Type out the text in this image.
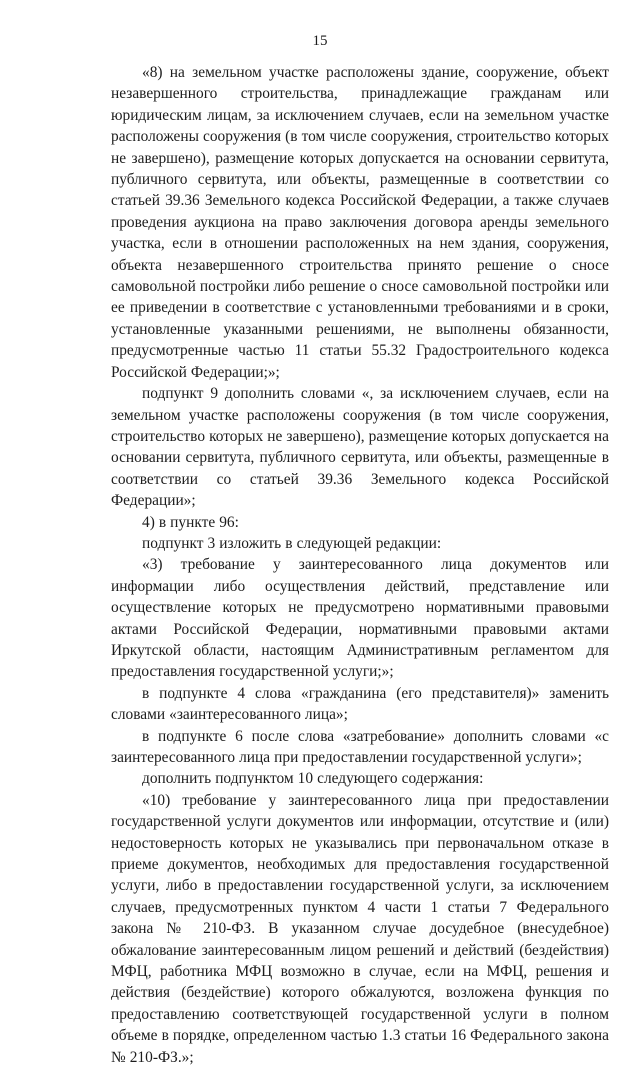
15

«8) на земельном участке расположены здание, сооружение, объект незавершенного строительства, принадлежащие гражданам или юридическим лицам, за исключением случаев, если на земельном участке расположены сооружения (в том числе сооружения, строительство которых не завершено), размещение которых допускается на основании сервитута, публичного сервитута, или объекты, размещенные в соответствии со статьей 39.36 Земельного кодекса Российской Федерации, а также случаев проведения аукциона на право заключения договора аренды земельного участка, если в отношении расположенных на нем здания, сооружения, объекта незавершенного строительства принято решение о сносе самовольной постройки либо решение о сносе самовольной постройки или ее приведении в соответствие с установленными требованиями и в сроки, установленные указанными решениями, не выполнены обязанности, предусмотренные частью 11 статьи 55.32 Градостроительного кодекса Российской Федерации;»;

подпункт 9 дополнить словами «, за исключением случаев, если на земельном участке расположены сооружения (в том числе сооружения, строительство которых не завершено), размещение которых допускается на основании сервитута, публичного сервитута, или объекты, размещенные в соответствии со статьей 39.36 Земельного кодекса Российской Федерации»;

4) в пункте 96:

подпункт 3 изложить в следующей редакции:

«3) требование у заинтересованного лица документов или информации либо осуществления действий, представление или осуществление которых не предусмотрено нормативными правовыми актами Российской Федерации, нормативными правовыми актами Иркутской области, настоящим Административным регламентом для предоставления государственной услуги;»;

в подпункте 4 слова «гражданина (его представителя)» заменить словами «заинтересованного лица»;

в подпункте 6 после слова «затребование» дополнить словами «с заинтересованного лица при предоставлении государственной услуги»;

дополнить подпунктом 10 следующего содержания:

«10) требование у заинтересованного лица при предоставлении государственной услуги документов или информации, отсутствие и (или) недостоверность которых не указывались при первоначальном отказе в приеме документов, необходимых для предоставления государственной услуги, либо в предоставлении государственной услуги, за исключением случаев, предусмотренных пунктом 4 части 1 статьи 7 Федерального закона № 210-ФЗ. В указанном случае досудебное (внесудебное) обжалование заинтересованным лицом решений и действий (бездействия) МФЦ, работника МФЦ возможно в случае, если на МФЦ, решения и действия (бездействие) которого обжалуются, возложена функция по предоставлению соответствующей государственной услуги в полном объеме в порядке, определенном частью 1.3 статьи 16 Федерального закона № 210-ФЗ.»;
